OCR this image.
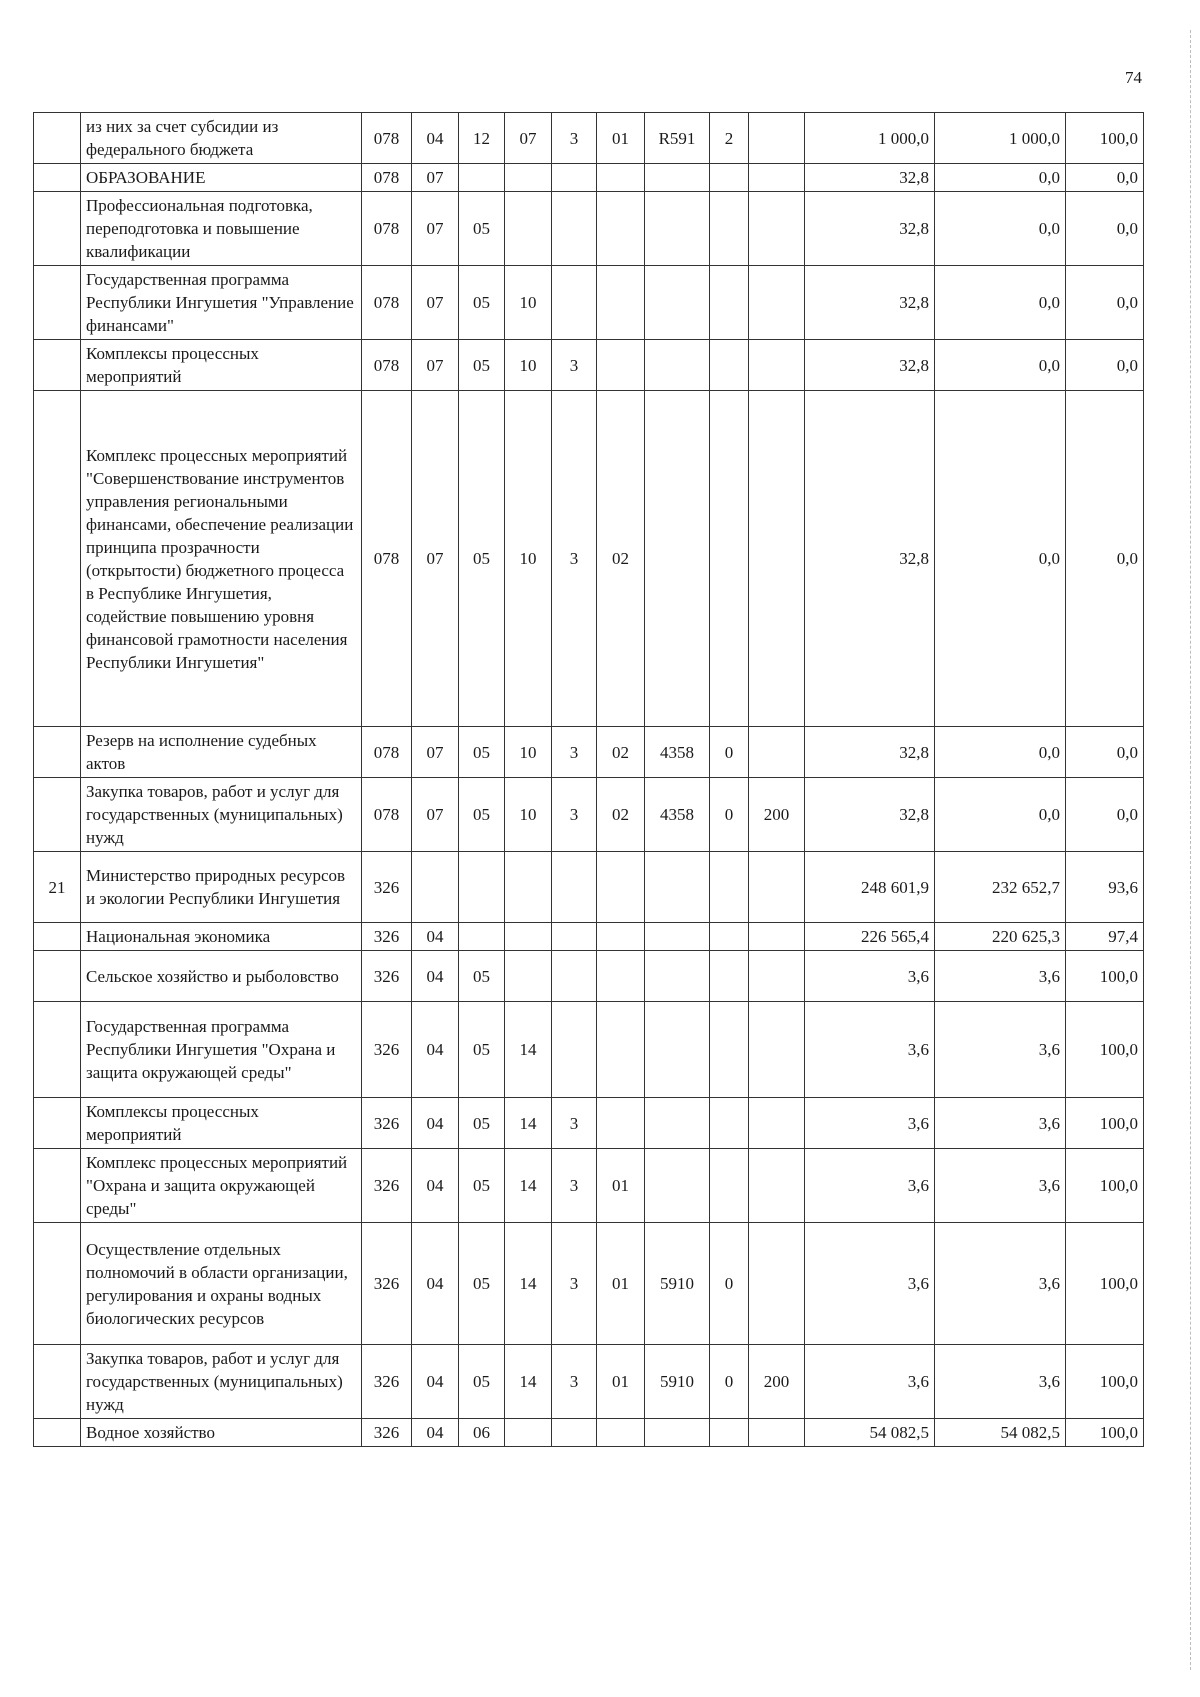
74
	из них за счет субсидии из федерального бюджета	078	04	12	07	3	01	R591	2		1 000,0	1 000,0	100,0
	ОБРАЗОВАНИЕ	078	07								32,8	0,0	0,0
	Профессиональная подготовка, переподготовка и повышение квалификации	078	07	05							32,8	0,0	0,0
	Государственная программа Республики Ингушетия "Управление финансами"	078	07	05	10						32,8	0,0	0,0
	Комплексы процессных мероприятий	078	07	05	10	3					32,8	0,0	0,0
	Комплекс процессных мероприятий "Совершенствование инструментов управления региональными финансами, обеспечение реализации принципа прозрачности (открытости) бюджетного процесса в Республике Ингушетия, содействие повышению уровня финансовой грамотности населения Республики Ингушетия"	078	07	05	10	3	02				32,8	0,0	0,0
	Резерв на исполнение судебных актов	078	07	05	10	3	02	4358	0		32,8	0,0	0,0
	Закупка товаров, работ и услуг для государственных (муниципальных) нужд	078	07	05	10	3	02	4358	0	200	32,8	0,0	0,0
21	Министерство природных ресурсов и экологии Республики Ингушетия	326									248 601,9	232 652,7	93,6
	Национальная экономика	326	04								226 565,4	220 625,3	97,4
	Сельское хозяйство и рыболовство	326	04	05							3,6	3,6	100,0
	Государственная программа Республики Ингушетия "Охрана и защита окружающей среды"	326	04	05	14						3,6	3,6	100,0
	Комплексы процессных мероприятий	326	04	05	14	3					3,6	3,6	100,0
	Комплекс процессных мероприятий "Охрана и защита окружающей среды"	326	04	05	14	3	01				3,6	3,6	100,0
	Осуществление отдельных полномочий в области организации, регулирования и охраны водных биологических ресурсов	326	04	05	14	3	01	5910	0		3,6	3,6	100,0
	Закупка товаров, работ и услуг для государственных (муниципальных) нужд	326	04	05	14	3	01	5910	0	200	3,6	3,6	100,0
	Водное хозяйство	326	04	06							54 082,5	54 082,5	100,0
